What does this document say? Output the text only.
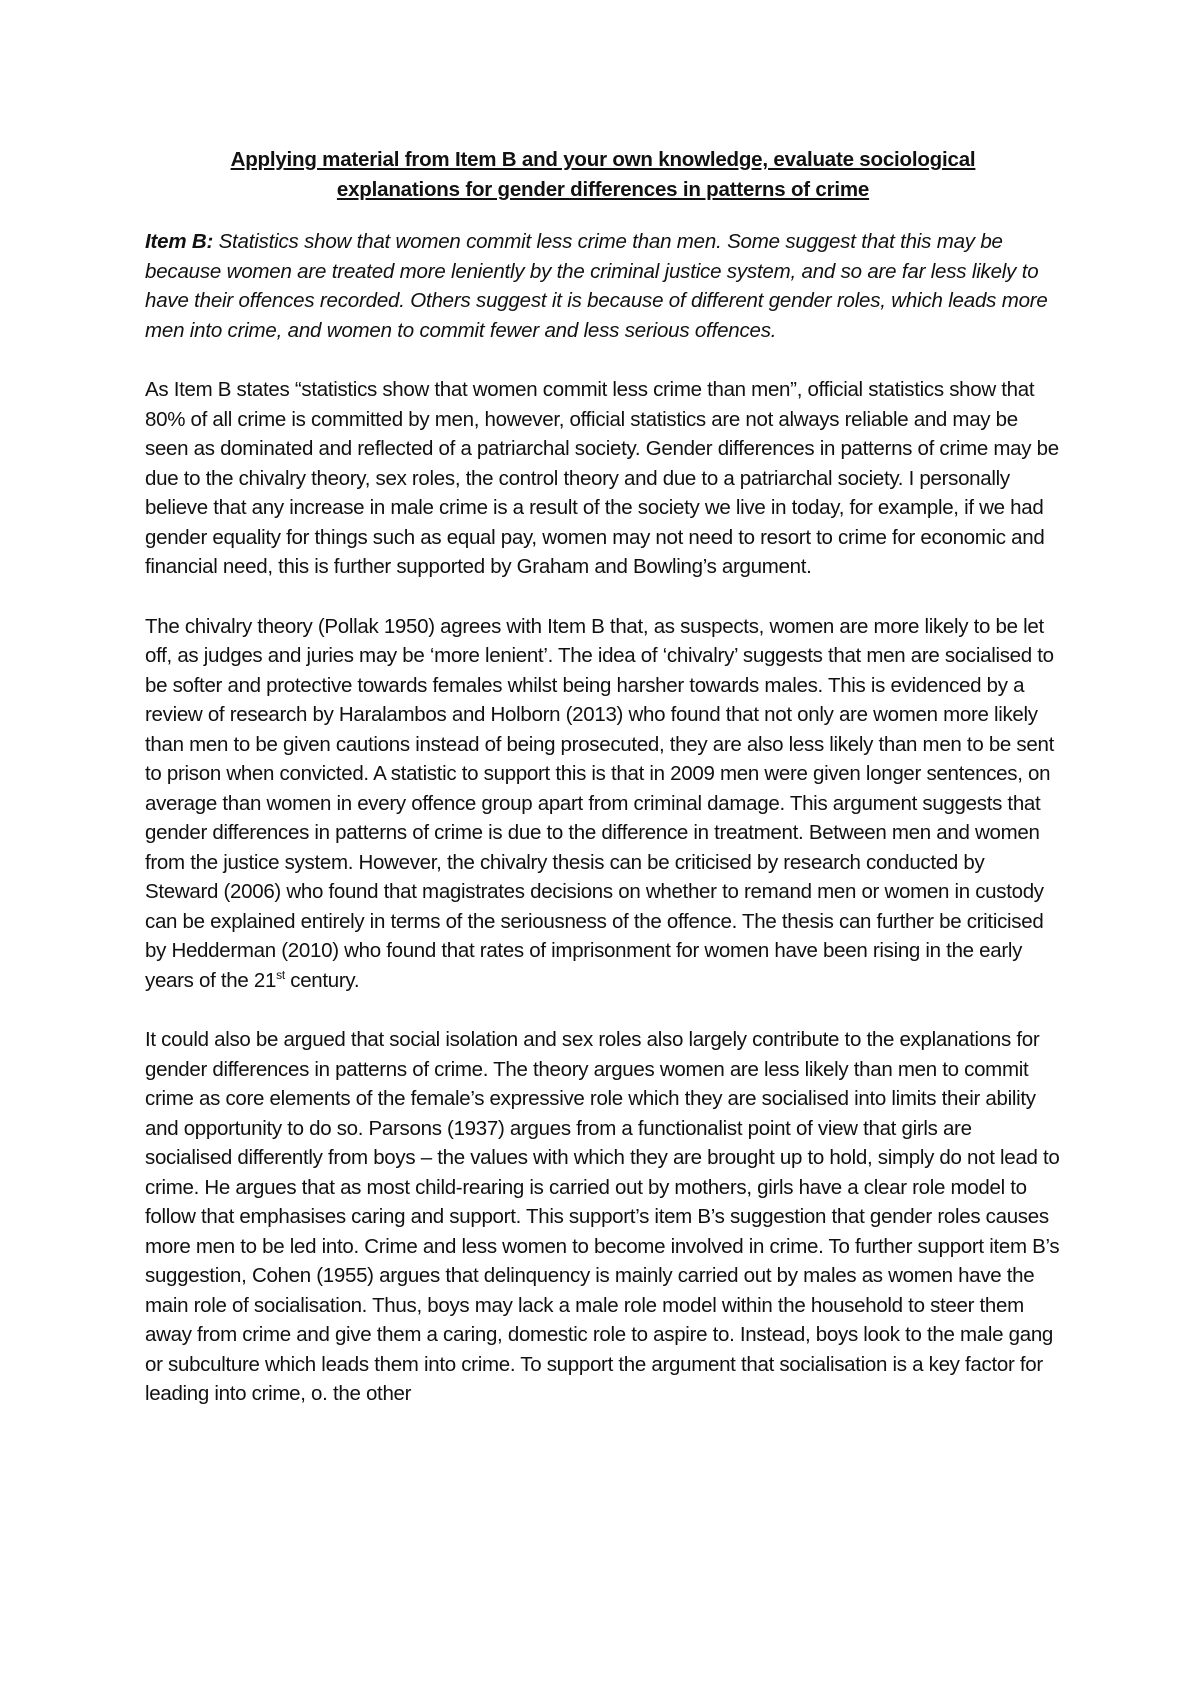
Applying material from Item B and your own knowledge, evaluate sociological
explanations for gender differences in patterns of crime

Item B: Statistics show that women commit less crime than men. Some suggest that this may be because women are treated more leniently by the criminal justice system, and so are far less likely to have their offences recorded. Others suggest it is because of different gender roles, which leads more men into crime, and women to commit fewer and less serious offences.

As Item B states “statistics show that women commit less crime than men”, official statistics show that 80% of all crime is committed by men, however, official statistics are not always reliable and may be seen as dominated and reflected of a patriarchal society. Gender differences in patterns of crime may be due to the chivalry theory, sex roles, the control theory and due to a patriarchal society. I personally believe that any increase in male crime is a result of the society we live in today, for example, if we had gender equality for things such as equal pay, women may not need to resort to crime for economic and financial need, this is further supported by Graham and Bowling’s argument.

The chivalry theory (Pollak 1950) agrees with Item B that, as suspects, women are more likely to be let off, as judges and juries may be ‘more lenient’. The idea of ‘chivalry’ suggests that men are socialised to be softer and protective towards females whilst being harsher towards males. This is evidenced by a review of research by Haralambos and Holborn (2013) who found that not only are women more likely than men to be given cautions instead of being prosecuted, they are also less likely than men to be sent to prison when convicted. A statistic to support this is that in 2009 men were given longer sentences, on average than women in every offence group apart from criminal damage. This argument suggests that gender differences in patterns of crime is due to the difference in treatment. Between men and women from the justice system. However, the chivalry thesis can be criticised by research conducted by Steward (2006) who found that magistrates decisions on whether to remand men or women in custody can be explained entirely in terms of the seriousness of the offence. The thesis can further be criticised by Hedderman (2010) who found that rates of imprisonment for women have been rising in the early years of the 21st century.

It could also be argued that social isolation and sex roles also largely contribute to the explanations for gender differences in patterns of crime. The theory argues women are less likely than men to commit crime as core elements of the female’s expressive role which they are socialised into limits their ability and opportunity to do so. Parsons (1937) argues from a functionalist point of view that girls are socialised differently from boys – the values with which they are brought up to hold, simply do not lead to crime. He argues that as most child-rearing is carried out by mothers, girls have a clear role model to follow that emphasises caring and support. This support’s item B’s suggestion that gender roles causes more men to be led into. Crime and less women to become involved in crime. To further support item B’s suggestion, Cohen (1955) argues that delinquency is mainly carried out by males as women have the main role of socialisation. Thus, boys may lack a male role model within the household to steer them away from crime and give them a caring, domestic role to aspire to. Instead, boys look to the male gang or subculture which leads them into crime. To support the argument that socialisation is a key factor for leading into crime, o. the other
